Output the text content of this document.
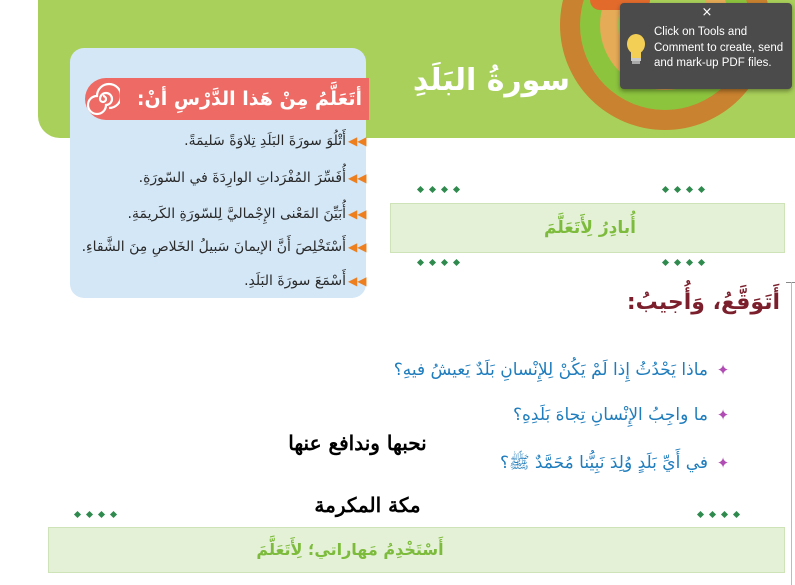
سورةُ البَلَدِ
×
Click on Tools and Comment to create, send and mark-up PDF files.
أتَعَلَّمُ مِنْ هَذا الدَّرْسِ أنْ:
◀◀
أَتْلُوَ سورَةَ البَلَدِ تِلاوَةً سَليمَةً.
◀◀
أُفَسِّرَ المُفْرَداتِ الوارِدَةَ في السّورَةِ.
◀◀
أُبَيِّنَ المَعْنى الإِجْماليَّ لِلسّورَةِ الكَريمَةِ.
◀◀
أَسْتَخْلِصَ أَنَّ الإيمانَ سَبيلُ الخَلاصِ مِنَ الشَّقاءِ.
◀◀
أَسْمَعَ سورَةَ البَلَدِ.
أُبادِرُ لِأَتَعَلَّمَ
أَتَوَقَّعُ، وَأُجيبُ:
✦
ماذا يَحْدُثُ إِذا لَمْ يَكُنْ لِلإِنْسانِ بَلَدٌ يَعيشُ فيهِ؟
✦
ما واجِبُ الإِنْسانِ تِجاهَ بَلَدِهِ؟
✦
في أَيِّ بَلَدٍ وُلِدَ نَبِيُّنا مُحَمَّدٌ ﷺ؟
نحبها وندافع عنها
مكة المكرمة
أَسْتَخْدِمُ مَهاراتي؛ لِأَتَعَلَّمَ
